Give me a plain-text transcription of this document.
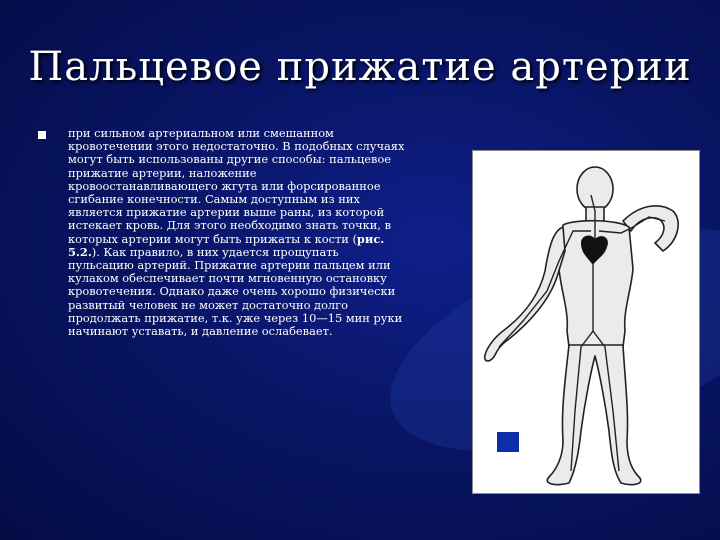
Пальцевое прижатие артерии
при сильном артериальном или смешанном кровотечении этого недостаточно. В подобных случаях могут быть использованы другие способы: пальцевое прижатие артерии, наложение кровоостанавливающего жгута или форсированное сгибание конечности. Самым доступным из них является прижатие артерии выше раны, из которой истекает кровь. Для этого необходимо знать точки, в которых артерии могут быть прижаты к кости (рис. 5.2.). Как правило, в них удается прощупать пульсацию артерий. Прижатие артерии пальцем или кулаком обеспечивает почти мгновенную остановку кровотечения. Однако даже очень хорошо физически развитый человек не может достаточно долго продолжать прижатие, т.к. уже через 10—15 мин руки начинают уставать, и давление ослабевает.
